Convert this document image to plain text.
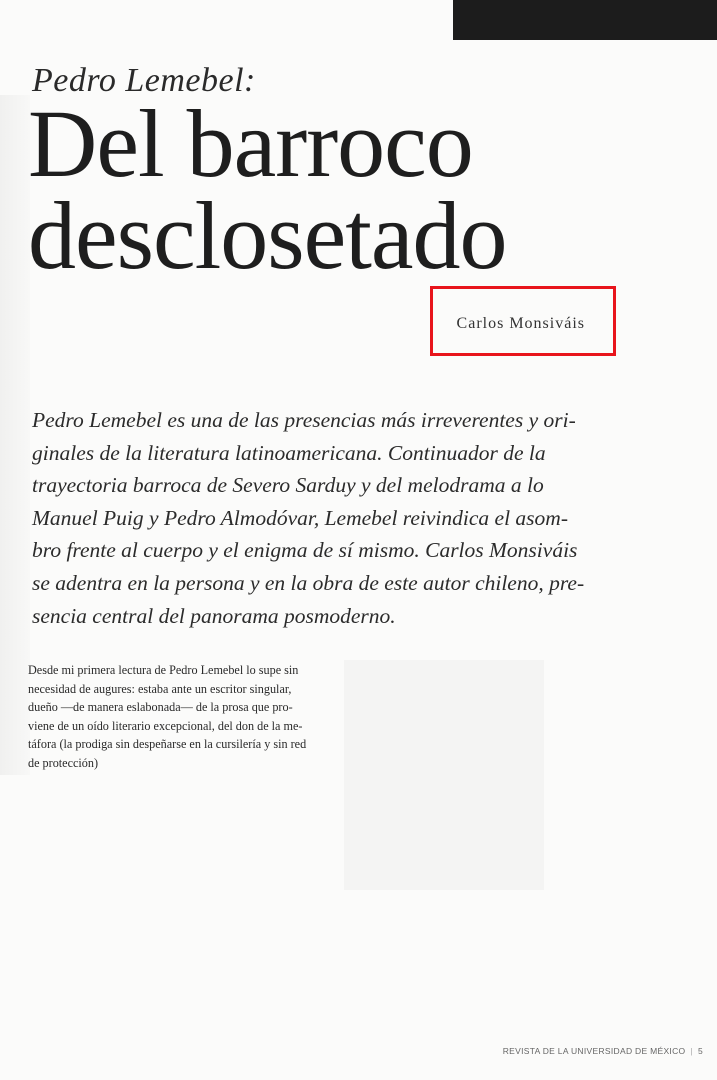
Pedro Lemebel:
Del barroco
desclosetado
Carlos Monsiváis

Pedro Lemebel es una de las presencias más irreverentes y ori-
ginales de la literatura latinoamericana. Continuador de la
trayectoria barroca de Severo Sarduy y del melodrama a lo
Manuel Puig y Pedro Almodóvar, Lemebel reivindica el asom-
bro frente al cuerpo y el enigma de sí mismo. Carlos Monsiváis
se adentra en la persona y en la obra de este autor chileno, pre-
sencia central del panorama posmoderno.

Desde mi primera lectura de Pedro Lemebel lo supe sin
necesidad de augures: estaba ante un escritor singular,
dueño —de manera eslabonada— de la prosa que pro-
viene de un oído literario excepcional, del don de la me-
táfora (la prodiga sin despeñarse en la cursilería y sin red
de protección)

REVISTA DE LA UNIVERSIDAD DE MÉXICO | 5
